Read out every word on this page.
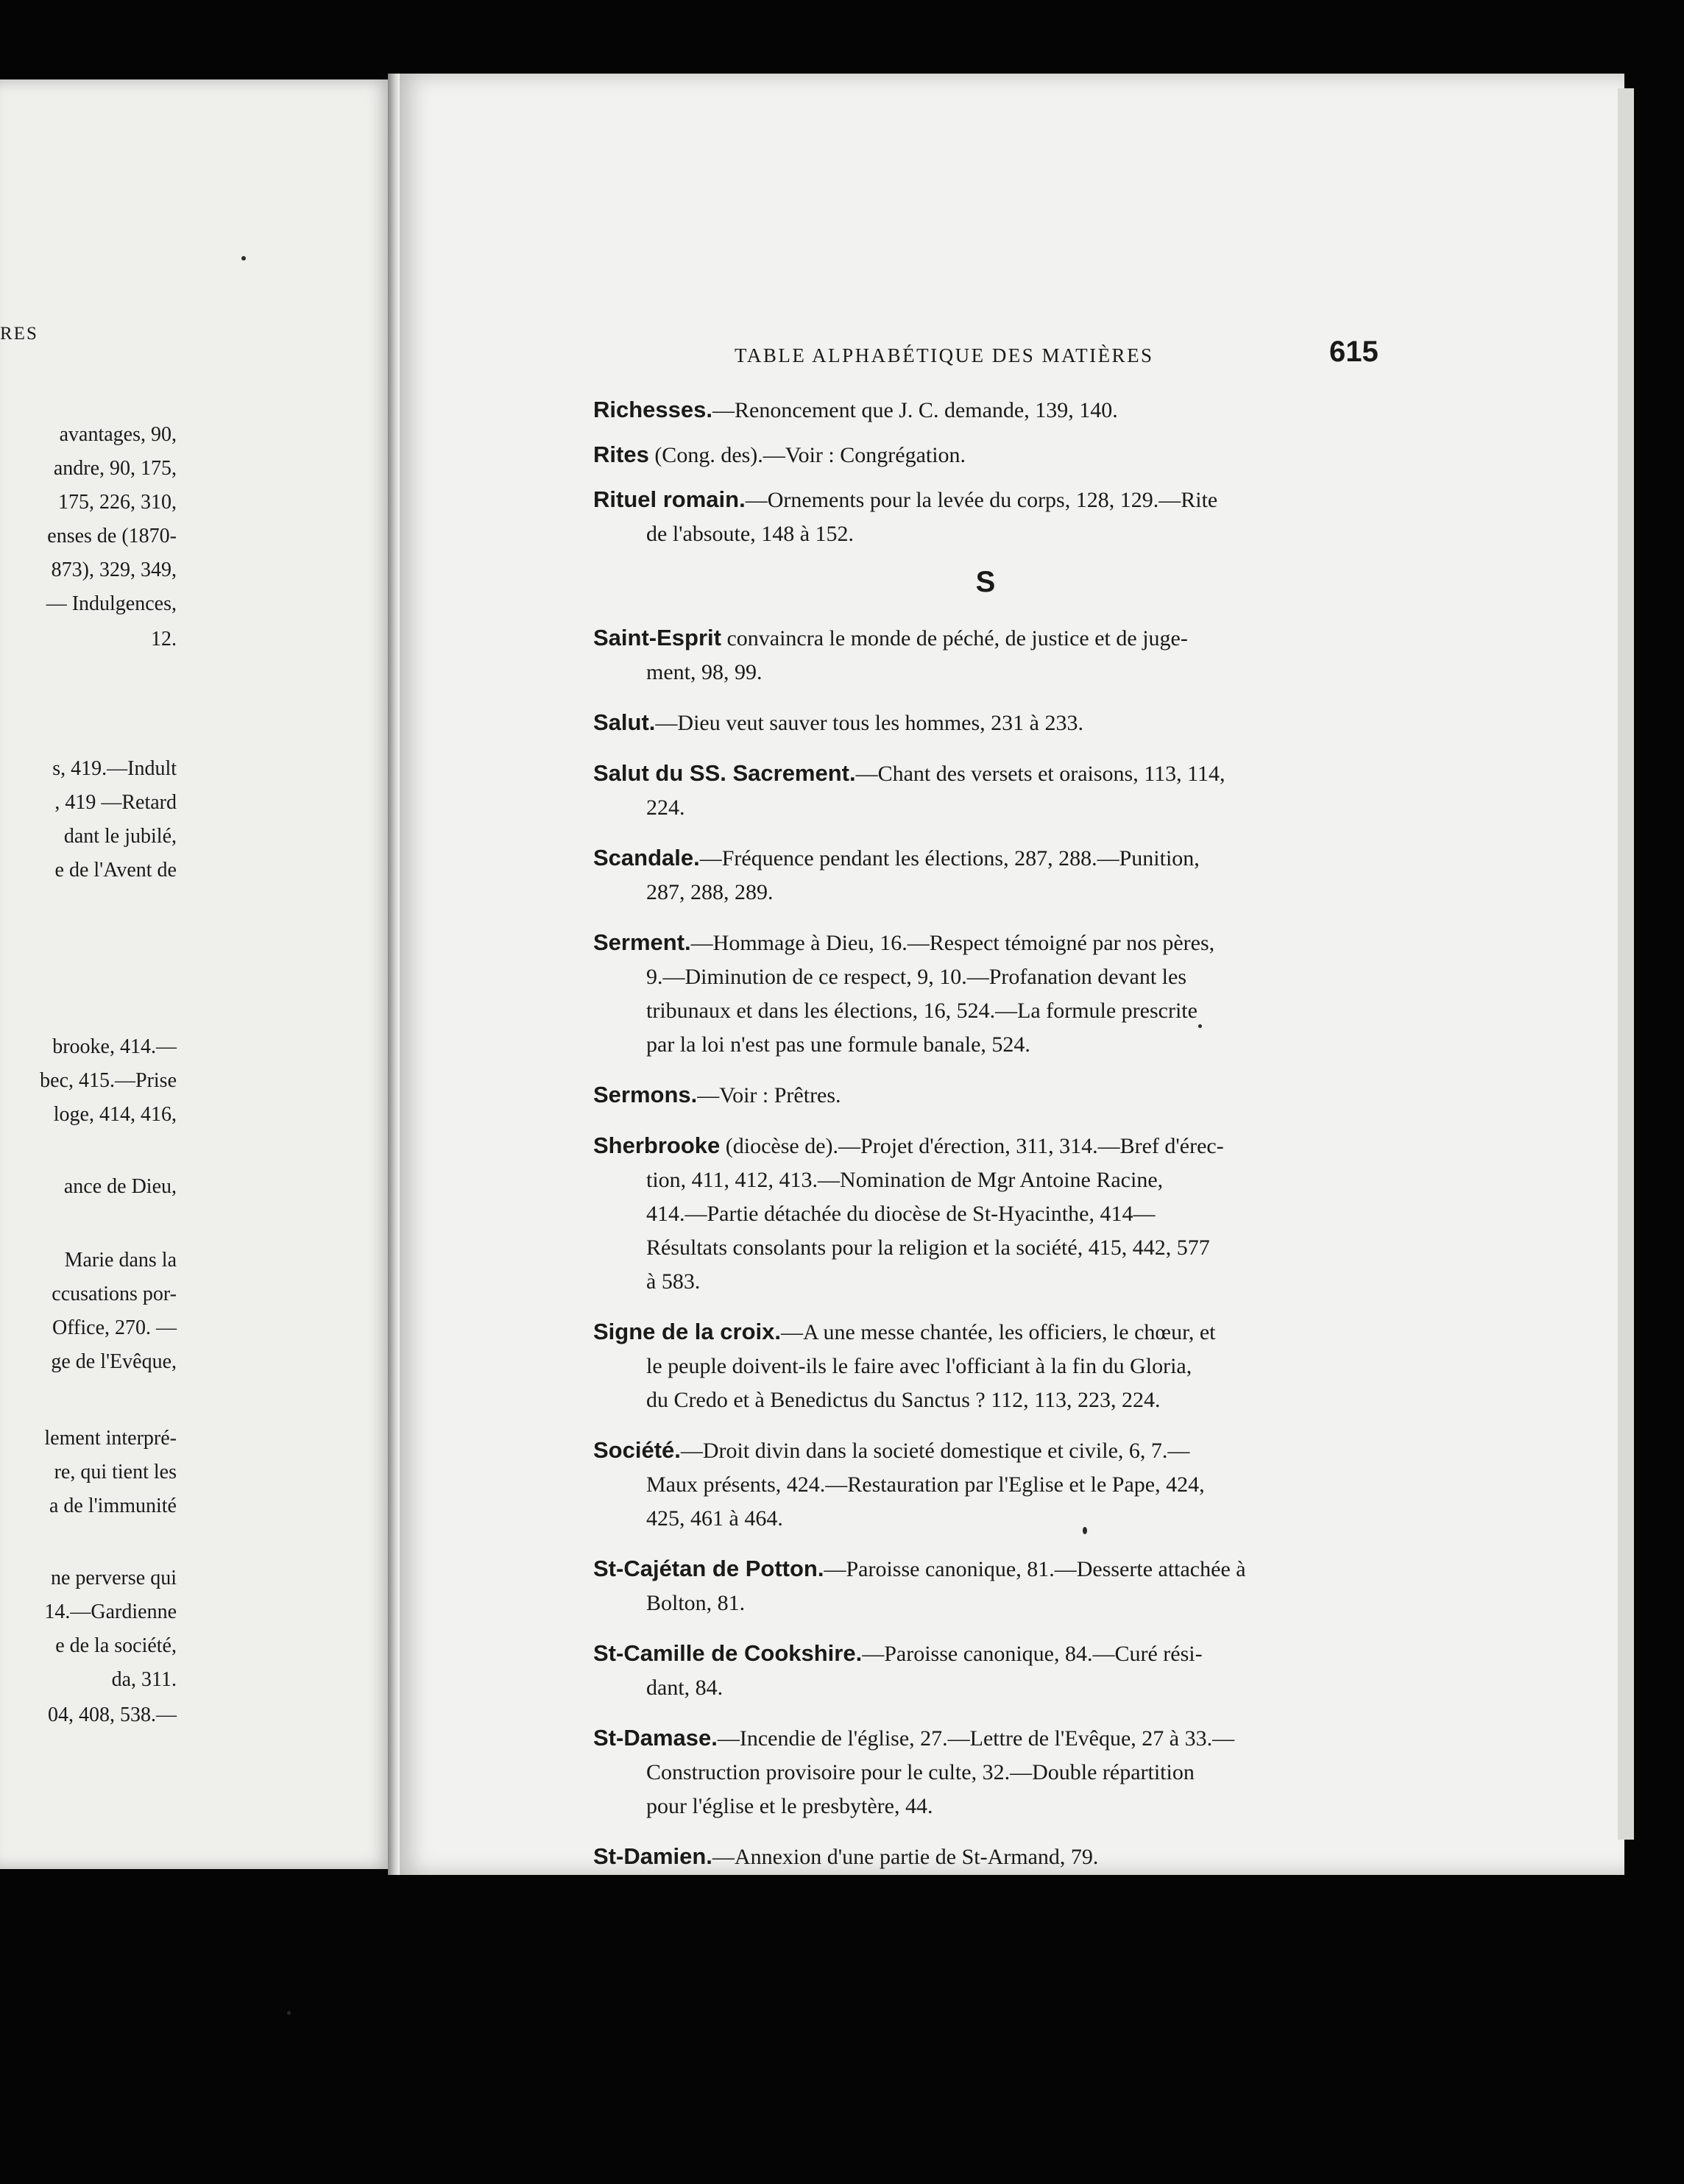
RES
avantages, 90,
andre, 90, 175,
175, 226, 310,
enses de (1870-
873), 329, 349,
— Indulgences,
12.
s, 419.—Indult
, 419 —Retard
dant le jubilé,
e de l'Avent de
brooke, 414.—
bec, 415.—Prise
loge, 414, 416,
ance de Dieu,
Marie dans la
ccusations por-
Office, 270. —
ge de l'Evêque,
lement interpré-
re, qui tient les
a de l'immunité
ne perverse qui
14.—Gardienne
e de la société,
da, 311.
04, 408, 538.—
TABLE ALPHABÉTIQUE DES MATIÈRES	615
Richesses.—Renoncement que J. C. demande, 139, 140.
Rites (Cong. des).—Voir : Congrégation.
Rituel romain.—Ornements pour la levée du corps, 128, 129.—Rite
de l'absoute, 148 à 152.
S
Saint-Esprit convaincra le monde de péché, de justice et de juge-
ment, 98, 99.
Salut.—Dieu veut sauver tous les hommes, 231 à 233.
Salut du SS. Sacrement.—Chant des versets et oraisons, 113, 114,
224.
Scandale.—Fréquence pendant les élections, 287, 288.—Punition,
287, 288, 289.
Serment.—Hommage à Dieu, 16.—Respect témoigné par nos pères,
9.—Diminution de ce respect, 9, 10.—Profanation devant les
tribunaux et dans les élections, 16, 524.—La formule prescrite
par la loi n'est pas une formule banale, 524.
Sermons.—Voir : Prêtres.
Sherbrooke (diocèse de).—Projet d'érection, 311, 314.—Bref d'érec-
tion, 411, 412, 413.—Nomination de Mgr Antoine Racine,
414.—Partie détachée du diocèse de St-Hyacinthe, 414—
Résultats consolants pour la religion et la société, 415, 442, 577
à 583.
Signe de la croix.—A une messe chantée, les officiers, le chœur, et
le peuple doivent-ils le faire avec l'officiant à la fin du Gloria,
du Credo et à Benedictus du Sanctus ? 112, 113, 223, 224.
Société.—Droit divin dans la societé domestique et civile, 6, 7.—
Maux présents, 424.—Restauration par l'Eglise et le Pape, 424,
425, 461 à 464.
St-Cajétan de Potton.—Paroisse canonique, 81.—Desserte attachée à
Bolton, 81.
St-Camille de Cookshire.—Paroisse canonique, 84.—Curé rési-
dant, 84.
St-Damase.—Incendie de l'église, 27.—Lettre de l'Evêque, 27 à 33.—
Construction provisoire pour le culte, 32.—Double répartition
pour l'église et le presbytère, 44.
St-Damien.—Annexion d'une partie de St-Armand, 79.
